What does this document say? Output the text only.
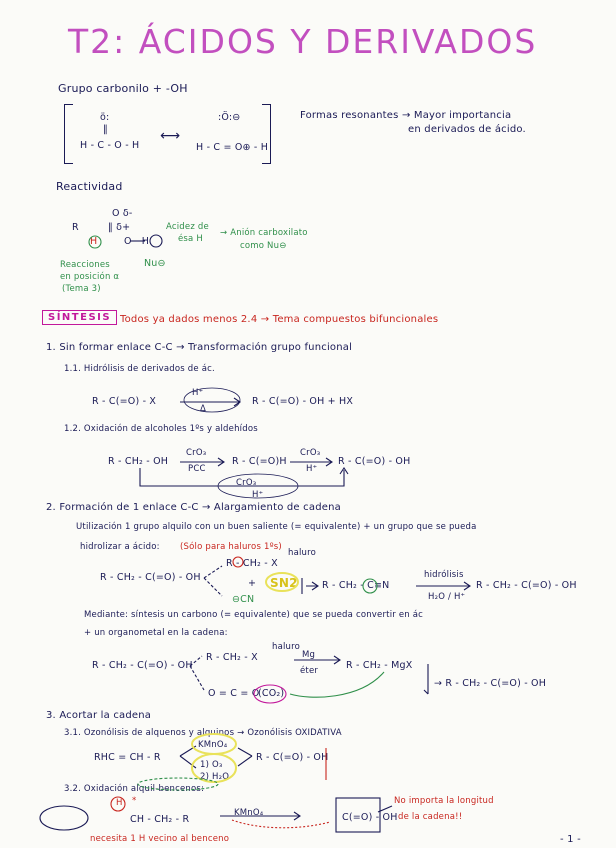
T2: ÁCIDOS Y DERIVADOS
Grupo carbonilo + -OH
ö:
‖
H - C - O - H
⟷
:Ö:⊖
H - C = O⊕ - H
Formas resonantes → Mayor importancia
en derivados de ácido.
Reactividad
O δ-
‖ δ+
R
H	O - H
Nu⊖
Acidez de
ésa H
→ Anión carboxilato
como Nu⊖
Reacciones
en posición α
(Tema 3)
SÍNTESIS Todos ya dados menos 2.4 → Tema compuestos bifuncionales
1. Sin formar enlace C-C → Transformación grupo funcional
1.1. Hidrólisis de derivados de ác.
R - C(=O) - X
H⁺
Δ
R - C(=O) - OH + HX
1.2. Oxidación de alcoholes 1ºs y aldehídos
R - CH₂ - OH
CrO₃
PCC
R - C(=O)H
CrO₃
H⁺
R - C(=O) - OH
CrO₃
H⁺
2. Formación de 1 enlace C-C → Alargamiento de cadena
Utilización 1 grupo alquilo con un buen saliente (= equivalente) + un grupo que se pueda
hidrolizar a ácido: (Sólo para haluros 1ºs)
R - CH₂ - C(=O) - OH
R - CH₂ - X
haluro
+
⊖CN
SN2	R - CH₂ - C≡N
hidrólisis
H₂O / H⁺
R - CH₂ - C(=O) - OH
Mediante: síntesis un carbono (= equivalente) que se pueda convertir en ác
+ un organometal en la cadena:
R - CH₂ - C(=O) - OH
R - CH₂ - X
haluro
Mg
éter	R - CH₂ - MgX
O = C = O
(CO₂)
→ R - CH₂ - C(=O) - OH
3. Acortar la cadena
3.1. Ozonólisis de alquenos y alquinos → Ozonólisis OXIDATIVA
RHC = CH - R
KMnO₄
1) O₃
2) H₂O
R - C(=O) - OH
3.2. Oxidación alquil-bencenos:
H *
CH - CH₂ - R
KMnO₄	C(=O) - OH
No importa la longitud
de la cadena!!
necesita 1 H vecino al benceno	- 1 -
